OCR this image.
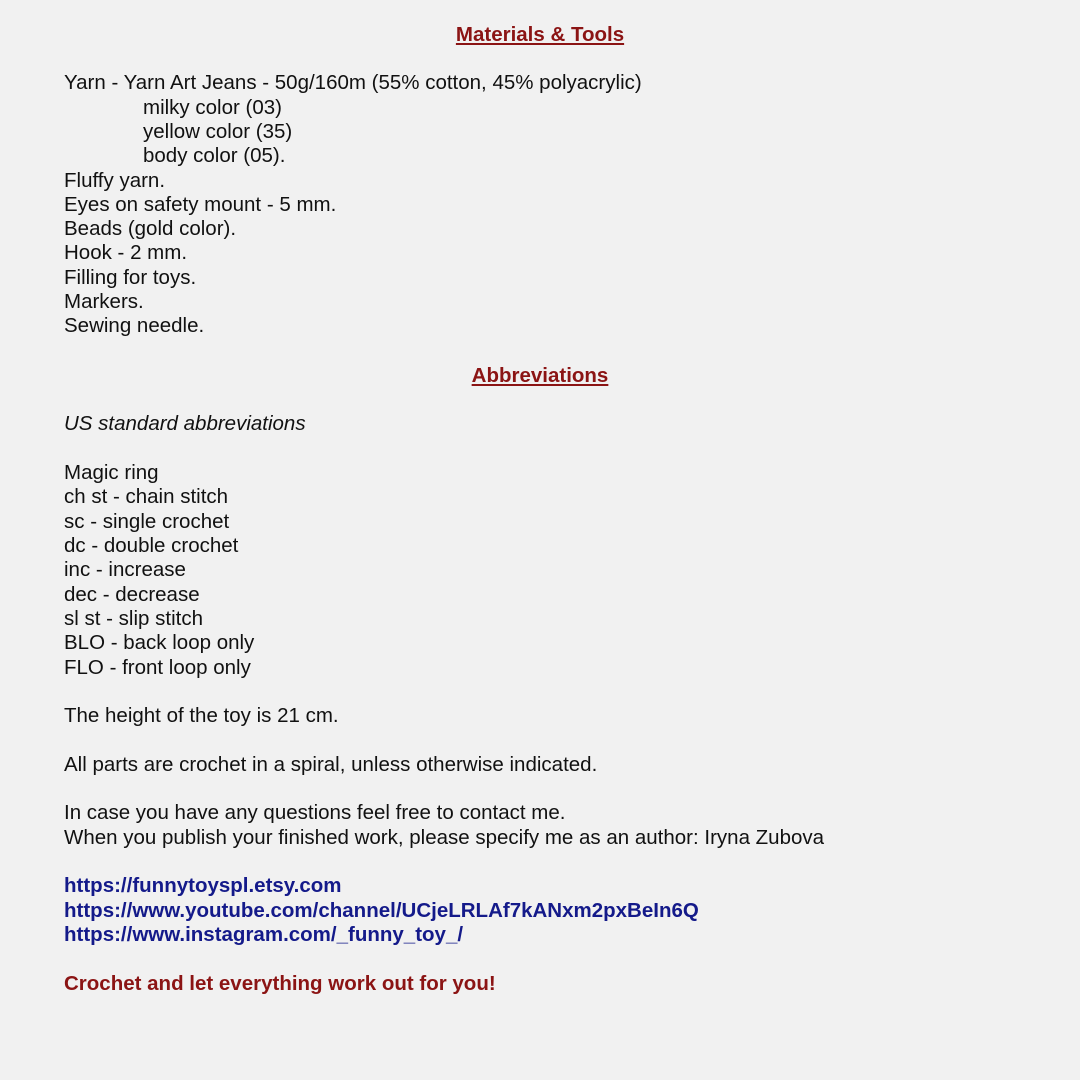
Materials & Tools
Yarn - Yarn Art Jeans - 50g/160m (55% cotton, 45% polyacrylic)
milky color (03)
yellow color (35)
body color (05).
Fluffy yarn.
Eyes on safety mount - 5 mm.
Beads (gold color).
Hook - 2 mm.
Filling for toys.
Markers.
Sewing needle.
Abbreviations
US standard abbreviations
Magic ring
ch st - chain stitch
sc - single crochet
dc - double crochet
inc - increase
dec - decrease
sl st - slip stitch
BLO - back loop only
FLO - front loop only
The height of the toy is 21 cm.
All parts are crochet in a spiral, unless otherwise indicated.
In case you have any questions feel free to contact me.
When you publish your finished work, please specify me as an author: Iryna Zubova
https://funnytoyspl.etsy.com
https://www.youtube.com/channel/UCjeLRLAf7kANxm2pxBeIn6Q
https://www.instagram.com/_funny_toy_/
Crochet and let everything work out for you!
